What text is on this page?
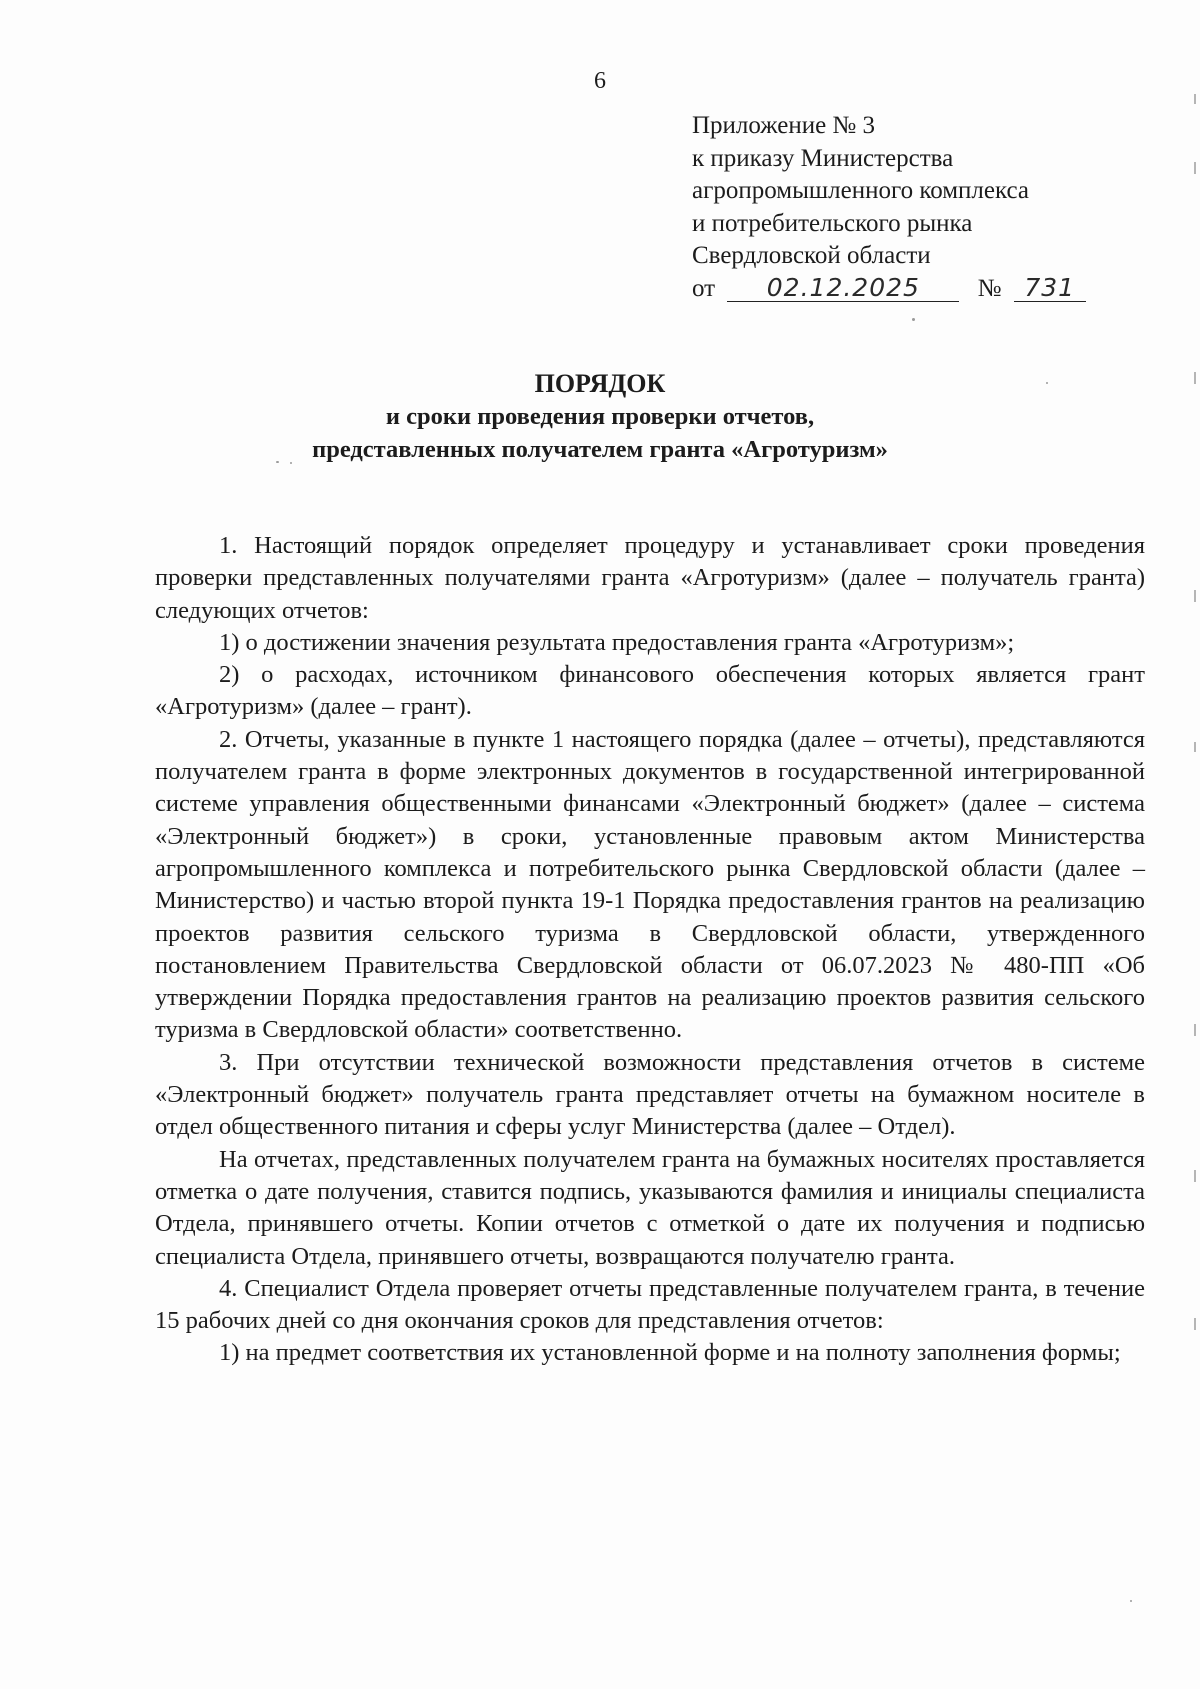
6
Приложение № 3
к приказу Министерства
агропромышленного комплекса
и потребительского рынка
Свердловской области
от 02.12.2025 № 731
ПОРЯДОК
и сроки проведения проверки отчетов,
представленных получателем гранта «Агротуризм»

1. Настоящий порядок определяет процедуру и устанавливает сроки проведения проверки представленных получателями гранта «Агротуризм» (далее – получатель гранта) следующих отчетов:

1) о достижении значения результата предоставления гранта «Агротуризм»;

2) о расходах, источником финансового обеспечения которых является грант «Агротуризм» (далее – грант).

2. Отчеты, указанные в пункте 1 настоящего порядка (далее – отчеты), представляются получателем гранта в форме электронных документов в государственной интегрированной системе управления общественными финансами «Электронный бюджет» (далее – система «Электронный бюджет») в сроки, установленные правовым актом Министерства агропромышленного комплекса и потребительского рынка Свердловской области (далее – Министерство) и частью второй пункта 19-1 Порядка предоставления грантов на реализацию проектов развития сельского туризма в Свердловской области, утвержденного постановлением Правительства Свердловской области от 06.07.2023 № 480-ПП «Об утверждении Порядка предоставления грантов на реализацию проектов развития сельского туризма в Свердловской области» соответственно.

3. При отсутствии технической возможности представления отчетов в системе «Электронный бюджет» получатель гранта представляет отчеты на бумажном носителе в отдел общественного питания и сферы услуг Министерства (далее – Отдел).

На отчетах, представленных получателем гранта на бумажных носителях проставляется отметка о дате получения, ставится подпись, указываются фамилия и инициалы специалиста Отдела, принявшего отчеты. Копии отчетов с отметкой о дате их получения и подписью специалиста Отдела, принявшего отчеты, возвращаются получателю гранта.

4. Специалист Отдела проверяет отчеты представленные получателем гранта, в течение 15 рабочих дней со дня окончания сроков для представления отчетов:

1) на предмет соответствия их установленной форме и на полноту заполнения формы;
